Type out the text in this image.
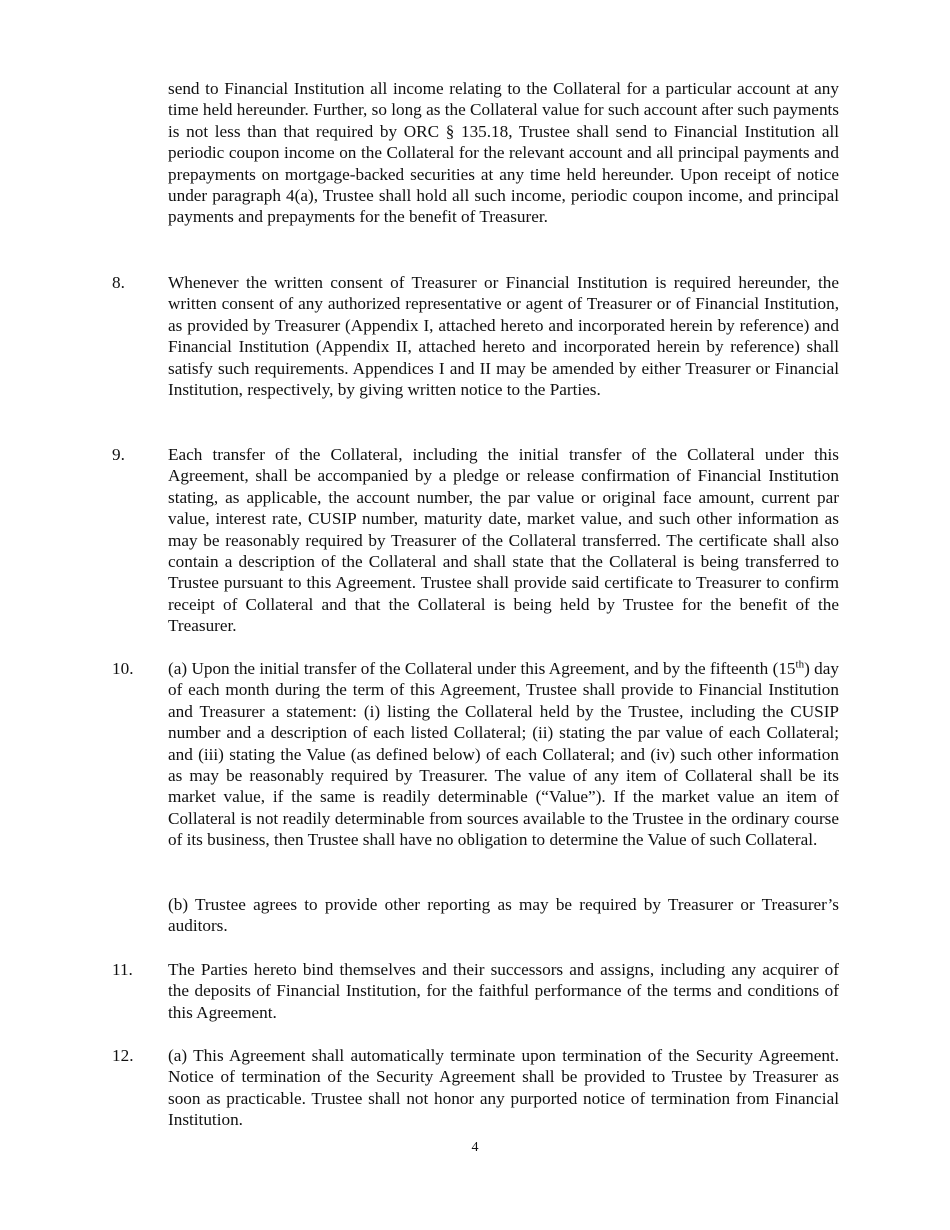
send to Financial Institution all income relating to the Collateral for a particular account at any time held hereunder. Further, so long as the Collateral value for such account after such payments is not less than that required by ORC § 135.18, Trustee shall send to Financial Institution all periodic coupon income on the Collateral for the relevant account and all principal payments and prepayments on mortgage-backed securities at any time held hereunder. Upon receipt of notice under paragraph 4(a), Trustee shall hold all such income, periodic coupon income, and principal payments and prepayments for the benefit of Treasurer.

8.	Whenever the written consent of Treasurer or Financial Institution is required hereunder, the written consent of any authorized representative or agent of Treasurer or of Financial Institution, as provided by Treasurer (Appendix I, attached hereto and incorporated herein by reference) and Financial Institution (Appendix II, attached hereto and incorporated herein by reference) shall satisfy such requirements. Appendices I and II may be amended by either Treasurer or Financial Institution, respectively, by giving written notice to the Parties.

9.	Each transfer of the Collateral, including the initial transfer of the Collateral under this Agreement, shall be accompanied by a pledge or release confirmation of Financial Institution stating, as applicable, the account number, the par value or original face amount, current par value, interest rate, CUSIP number, maturity date, market value, and such other information as may be reasonably required by Treasurer of the Collateral transferred. The certificate shall also contain a description of the Collateral and shall state that the Collateral is being transferred to Trustee pursuant to this Agreement. Trustee shall provide said certificate to Treasurer to confirm receipt of Collateral and that the Collateral is being held by Trustee for the benefit of the Treasurer.

10. (a) Upon the initial transfer of the Collateral under this Agreement, and by the fifteenth (15th) day of each month during the term of this Agreement, Trustee shall provide to Financial Institution and Treasurer a statement: (i) listing the Collateral held by the Trustee, including the CUSIP number and a description of each listed Collateral; (ii) stating the par value of each Collateral; and (iii) stating the Value (as defined below) of each Collateral; and (iv) such other information as may be reasonably required by Treasurer. The value of any item of Collateral shall be its market value, if the same is readily determinable (“Value”). If the market value an item of Collateral is not readily determinable from sources available to the Trustee in the ordinary course of its business, then Trustee shall have no obligation to determine the Value of such Collateral.

(b) Trustee agrees to provide other reporting as may be required by Treasurer or Treasurer’s auditors.

11. The Parties hereto bind themselves and their successors and assigns, including any acquirer of the deposits of Financial Institution, for the faithful performance of the terms and conditions of this Agreement.

12. (a) This Agreement shall automatically terminate upon termination of the Security Agreement. Notice of termination of the Security Agreement shall be provided to Trustee by Treasurer as soon as practicable. Trustee shall not honor any purported notice of termination from Financial Institution.

4
